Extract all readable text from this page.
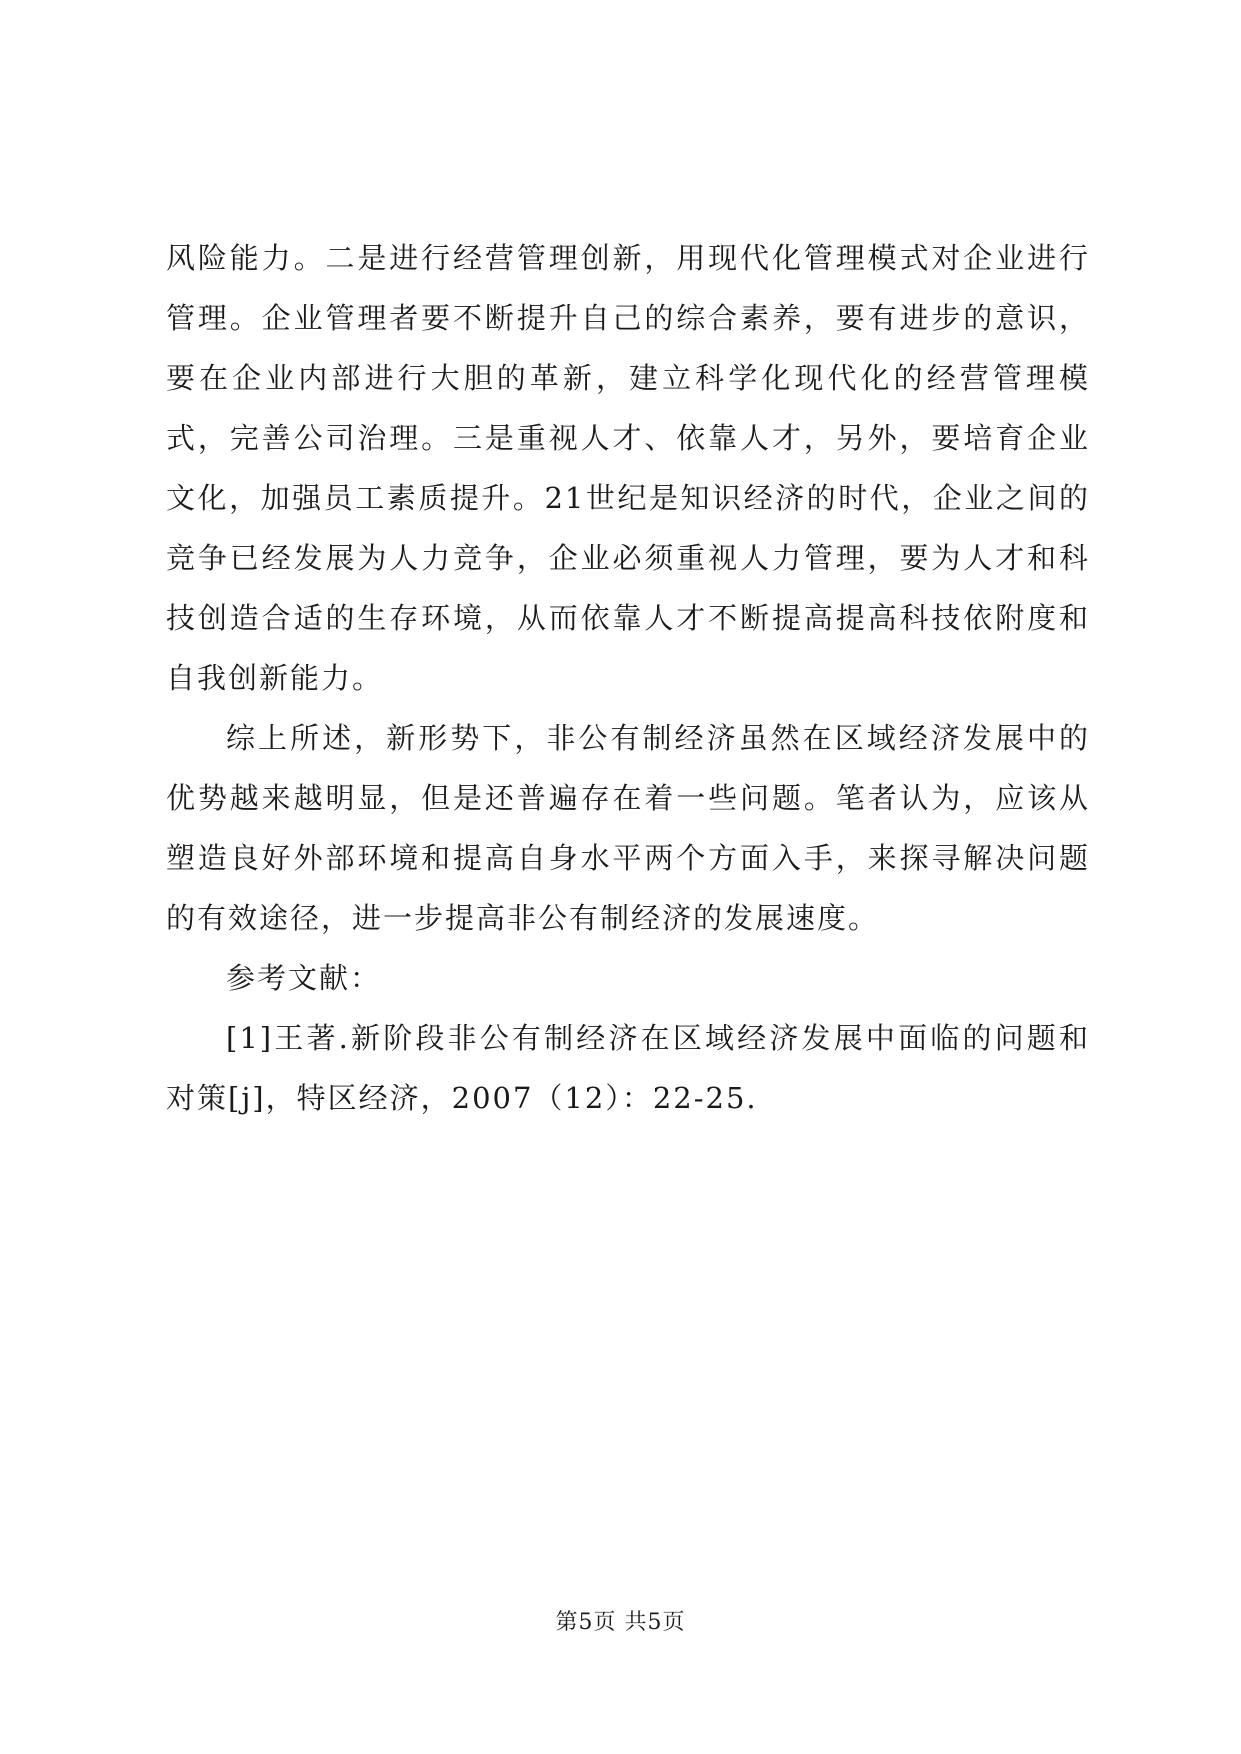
风险能力。二是进行经营管理创新，用现代化管理模式对企业进行管理。企业管理者要不断提升自己的综合素养，要有进步的意识，要在企业内部进行大胆的革新，建立科学化现代化的经营管理模式，完善公司治理。三是重视人才、依靠人才，另外，要培育企业文化，加强员工素质提升。21世纪是知识经济的时代，企业之间的竞争已经发展为人力竞争，企业必须重视人力管理，要为人才和科技创造合适的生存环境，从而依靠人才不断提高提高科技依附度和自我创新能力。

综上所述，新形势下，非公有制经济虽然在区域经济发展中的优势越来越明显，但是还普遍存在着一些问题。笔者认为，应该从塑造良好外部环境和提高自身水平两个方面入手，来探寻解决问题的有效途径，进一步提高非公有制经济的发展速度。

参考文献：

[1]王著.新阶段非公有制经济在区域经济发展中面临的问题和对策[j]，特区经济，2007（12）：22-25.

第5页 共5页
